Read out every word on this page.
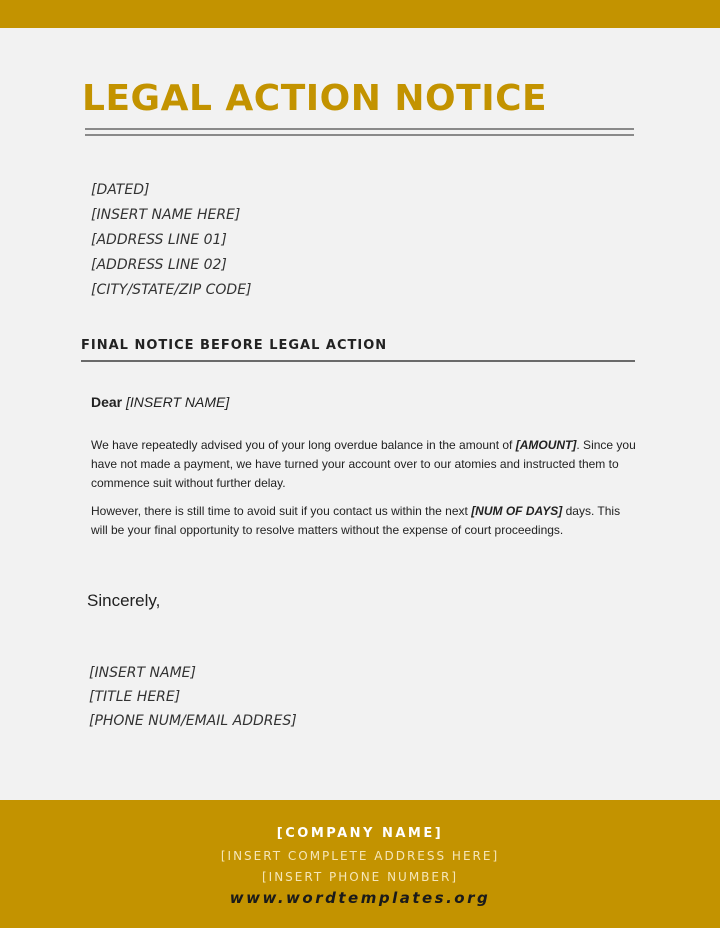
LEGAL ACTION NOTICE
[DATED]
[INSERT NAME HERE]
[ADDRESS LINE 01]
[ADDRESS LINE 02]
[CITY/STATE/ZIP CODE]
FINAL NOTICE BEFORE LEGAL ACTION
Dear [INSERT NAME]
We have repeatedly advised you of your long overdue balance in the amount of [AMOUNT]. Since you have not made a payment, we have turned your account over to our atomies and instructed them to commence suit without further delay.
However, there is still time to avoid suit if you contact us within the next [NUM OF DAYS] days. This will be your final opportunity to resolve matters without the expense of court proceedings.
Sincerely,
[INSERT NAME]
[TITLE HERE]
[PHONE NUM/EMAIL ADDRES]
[COMPANY NAME]
[INSERT COMPLETE ADDRESS HERE]
[INSERT PHONE NUMBER]
www.wordtemplates.org
